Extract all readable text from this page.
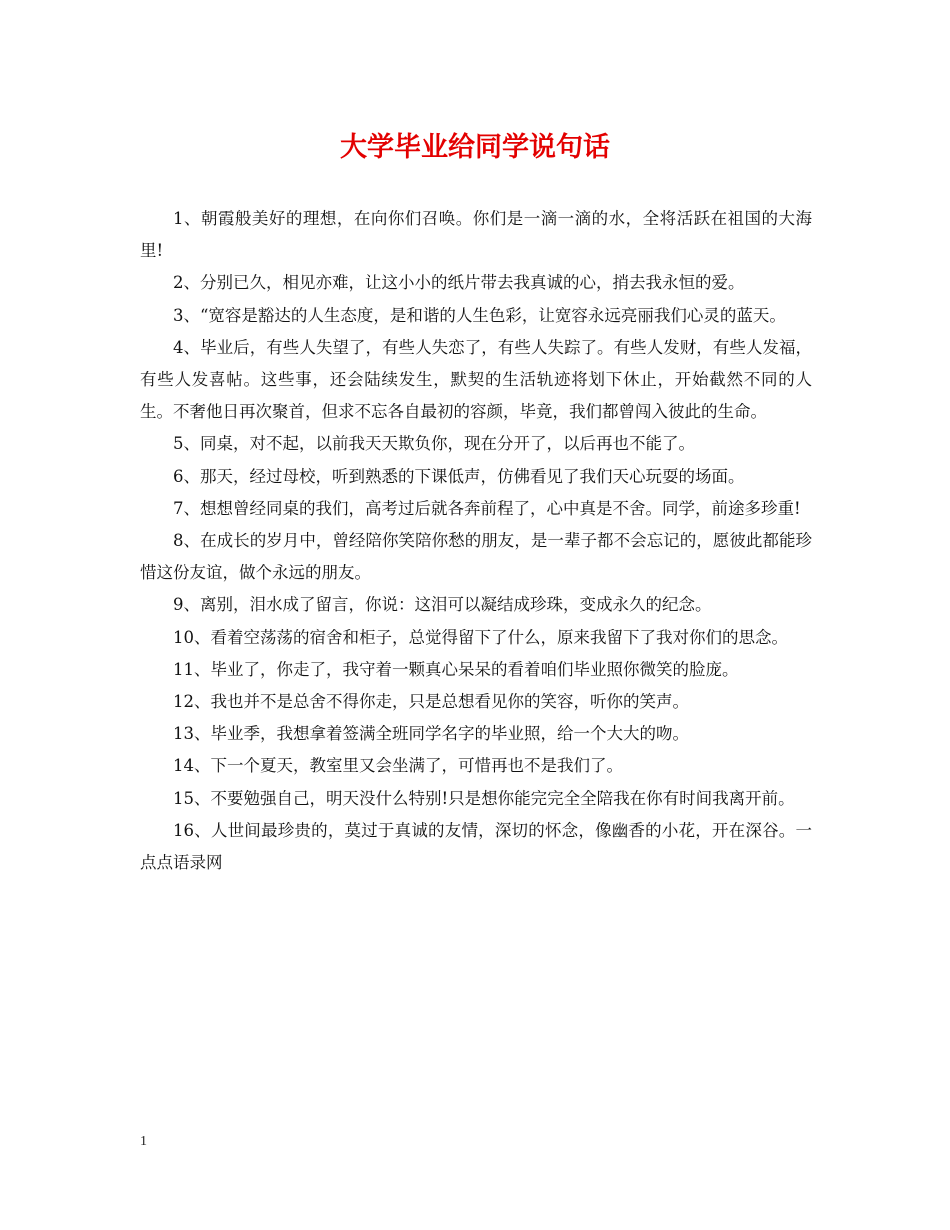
大学毕业给同学说句话

1、朝霞般美好的理想，在向你们召唤。你们是一滴一滴的水，全将活跃在祖国的大海里!

2、分别已久，相见亦难，让这小小的纸片带去我真诚的心，捎去我永恒的爱。

3、“宽容是豁达的人生态度，是和谐的人生色彩，让宽容永远亮丽我们心灵的蓝天。

4、毕业后，有些人失望了，有些人失恋了，有些人失踪了。有些人发财，有些人发福，有些人发喜帖。这些事，还会陆续发生，默契的生活轨迹将划下休止，开始截然不同的人生。不奢他日再次聚首，但求不忘各自最初的容颜，毕竟，我们都曾闯入彼此的生命。

5、同桌，对不起，以前我天天欺负你，现在分开了，以后再也不能了。

6、那天，经过母校，听到熟悉的下课低声，仿佛看见了我们天心玩耍的场面。

7、想想曾经同桌的我们，高考过后就各奔前程了，心中真是不舍。同学，前途多珍重!

8、在成长的岁月中，曾经陪你笑陪你愁的朋友，是一辈子都不会忘记的，愿彼此都能珍惜这份友谊，做个永远的朋友。

9、离别，泪水成了留言，你说：这泪可以凝结成珍珠，变成永久的纪念。

10、看着空荡荡的宿舍和柜子，总觉得留下了什么，原来我留下了我对你们的思念。

11、毕业了，你走了，我守着一颗真心呆呆的看着咱们毕业照你微笑的脸庞。

12、我也并不是总舍不得你走，只是总想看见你的笑容，听你的笑声。

13、毕业季，我想拿着签满全班同学名字的毕业照，给一个大大的吻。

14、下一个夏天，教室里又会坐满了，可惜再也不是我们了。

15、不要勉强自己，明天没什么特别!只是想你能完完全全陪我在你有时间我离开前。

16、人世间最珍贵的，莫过于真诚的友情，深切的怀念，像幽香的小花，开在深谷。一点点语录网

1
